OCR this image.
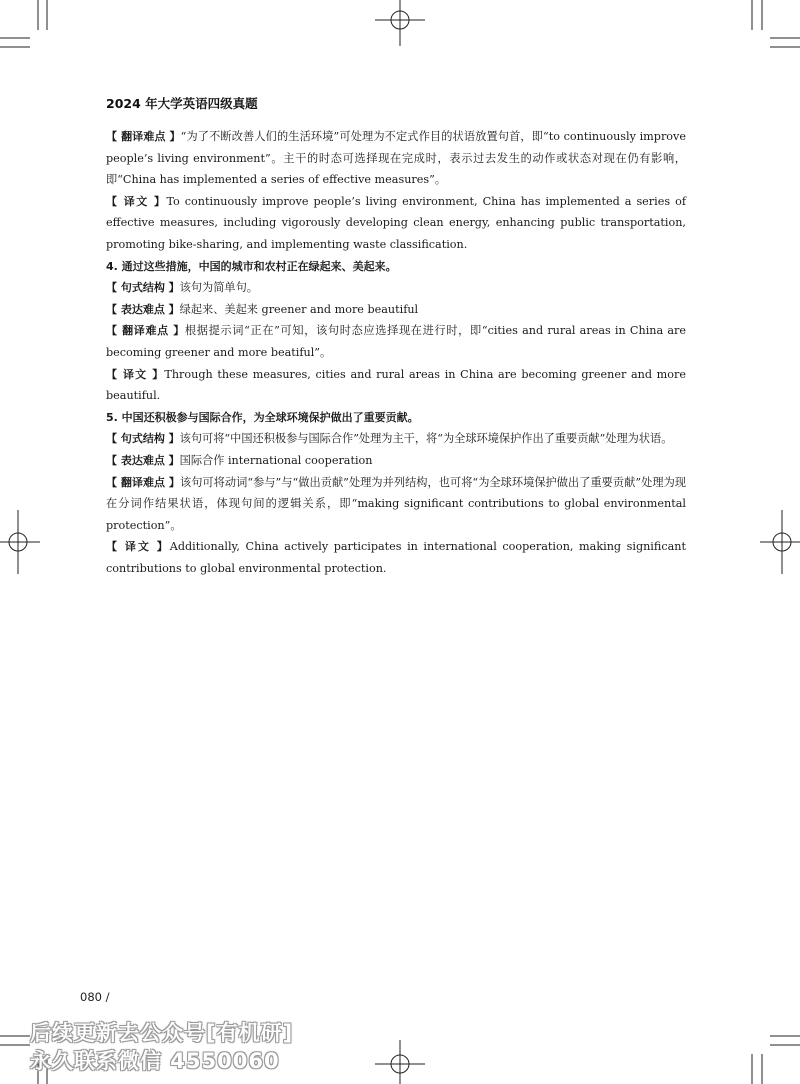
2024 年大学英语四级真题

【 翻译难点 】“为了不断改善人们的生活环境”可处理为不定式作目的状语放置句首，即“to continuously improve people’s living environment”。主干的时态可选择现在完成时，表示过去发生的动作或状态对现在仍有影响，即“China has implemented a series of effective measures”。

【 译文 】To continuously improve people’s living environment, China has implemented a series of effective measures, including vigorously developing clean energy, enhancing public transportation, promoting bike-sharing, and implementing waste classification.

4. 通过这些措施，中国的城市和农村正在绿起来、美起来。

【 句式结构 】该句为简单句。

【 表达难点 】绿起来、美起来 greener and more beautiful

【 翻译难点 】根据提示词“正在”可知，该句时态应选择现在进行时，即“cities and rural areas in China are becoming greener and more beatiful”。

【 译文 】Through these measures, cities and rural areas in China are becoming greener and more beautiful.

5. 中国还积极参与国际合作，为全球环境保护做出了重要贡献。

【 句式结构 】该句可将“中国还积极参与国际合作”处理为主干，将“为全球环境保护作出了重要贡献”处理为状语。

【 表达难点 】国际合作 international cooperation

【 翻译难点 】该句可将动词“参与”与“做出贡献”处理为并列结构，也可将“为全球环境保护做出了重要贡献”处理为现在分词作结果状语，体现句间的逻辑关系，即“making significant contributions to global environmental protection”。

【 译文 】Additionally, China actively participates in international cooperation, making significant contributions to global environmental protection.

080 /
后续更新去公众号[有机研]
永久联系微信 4550060
